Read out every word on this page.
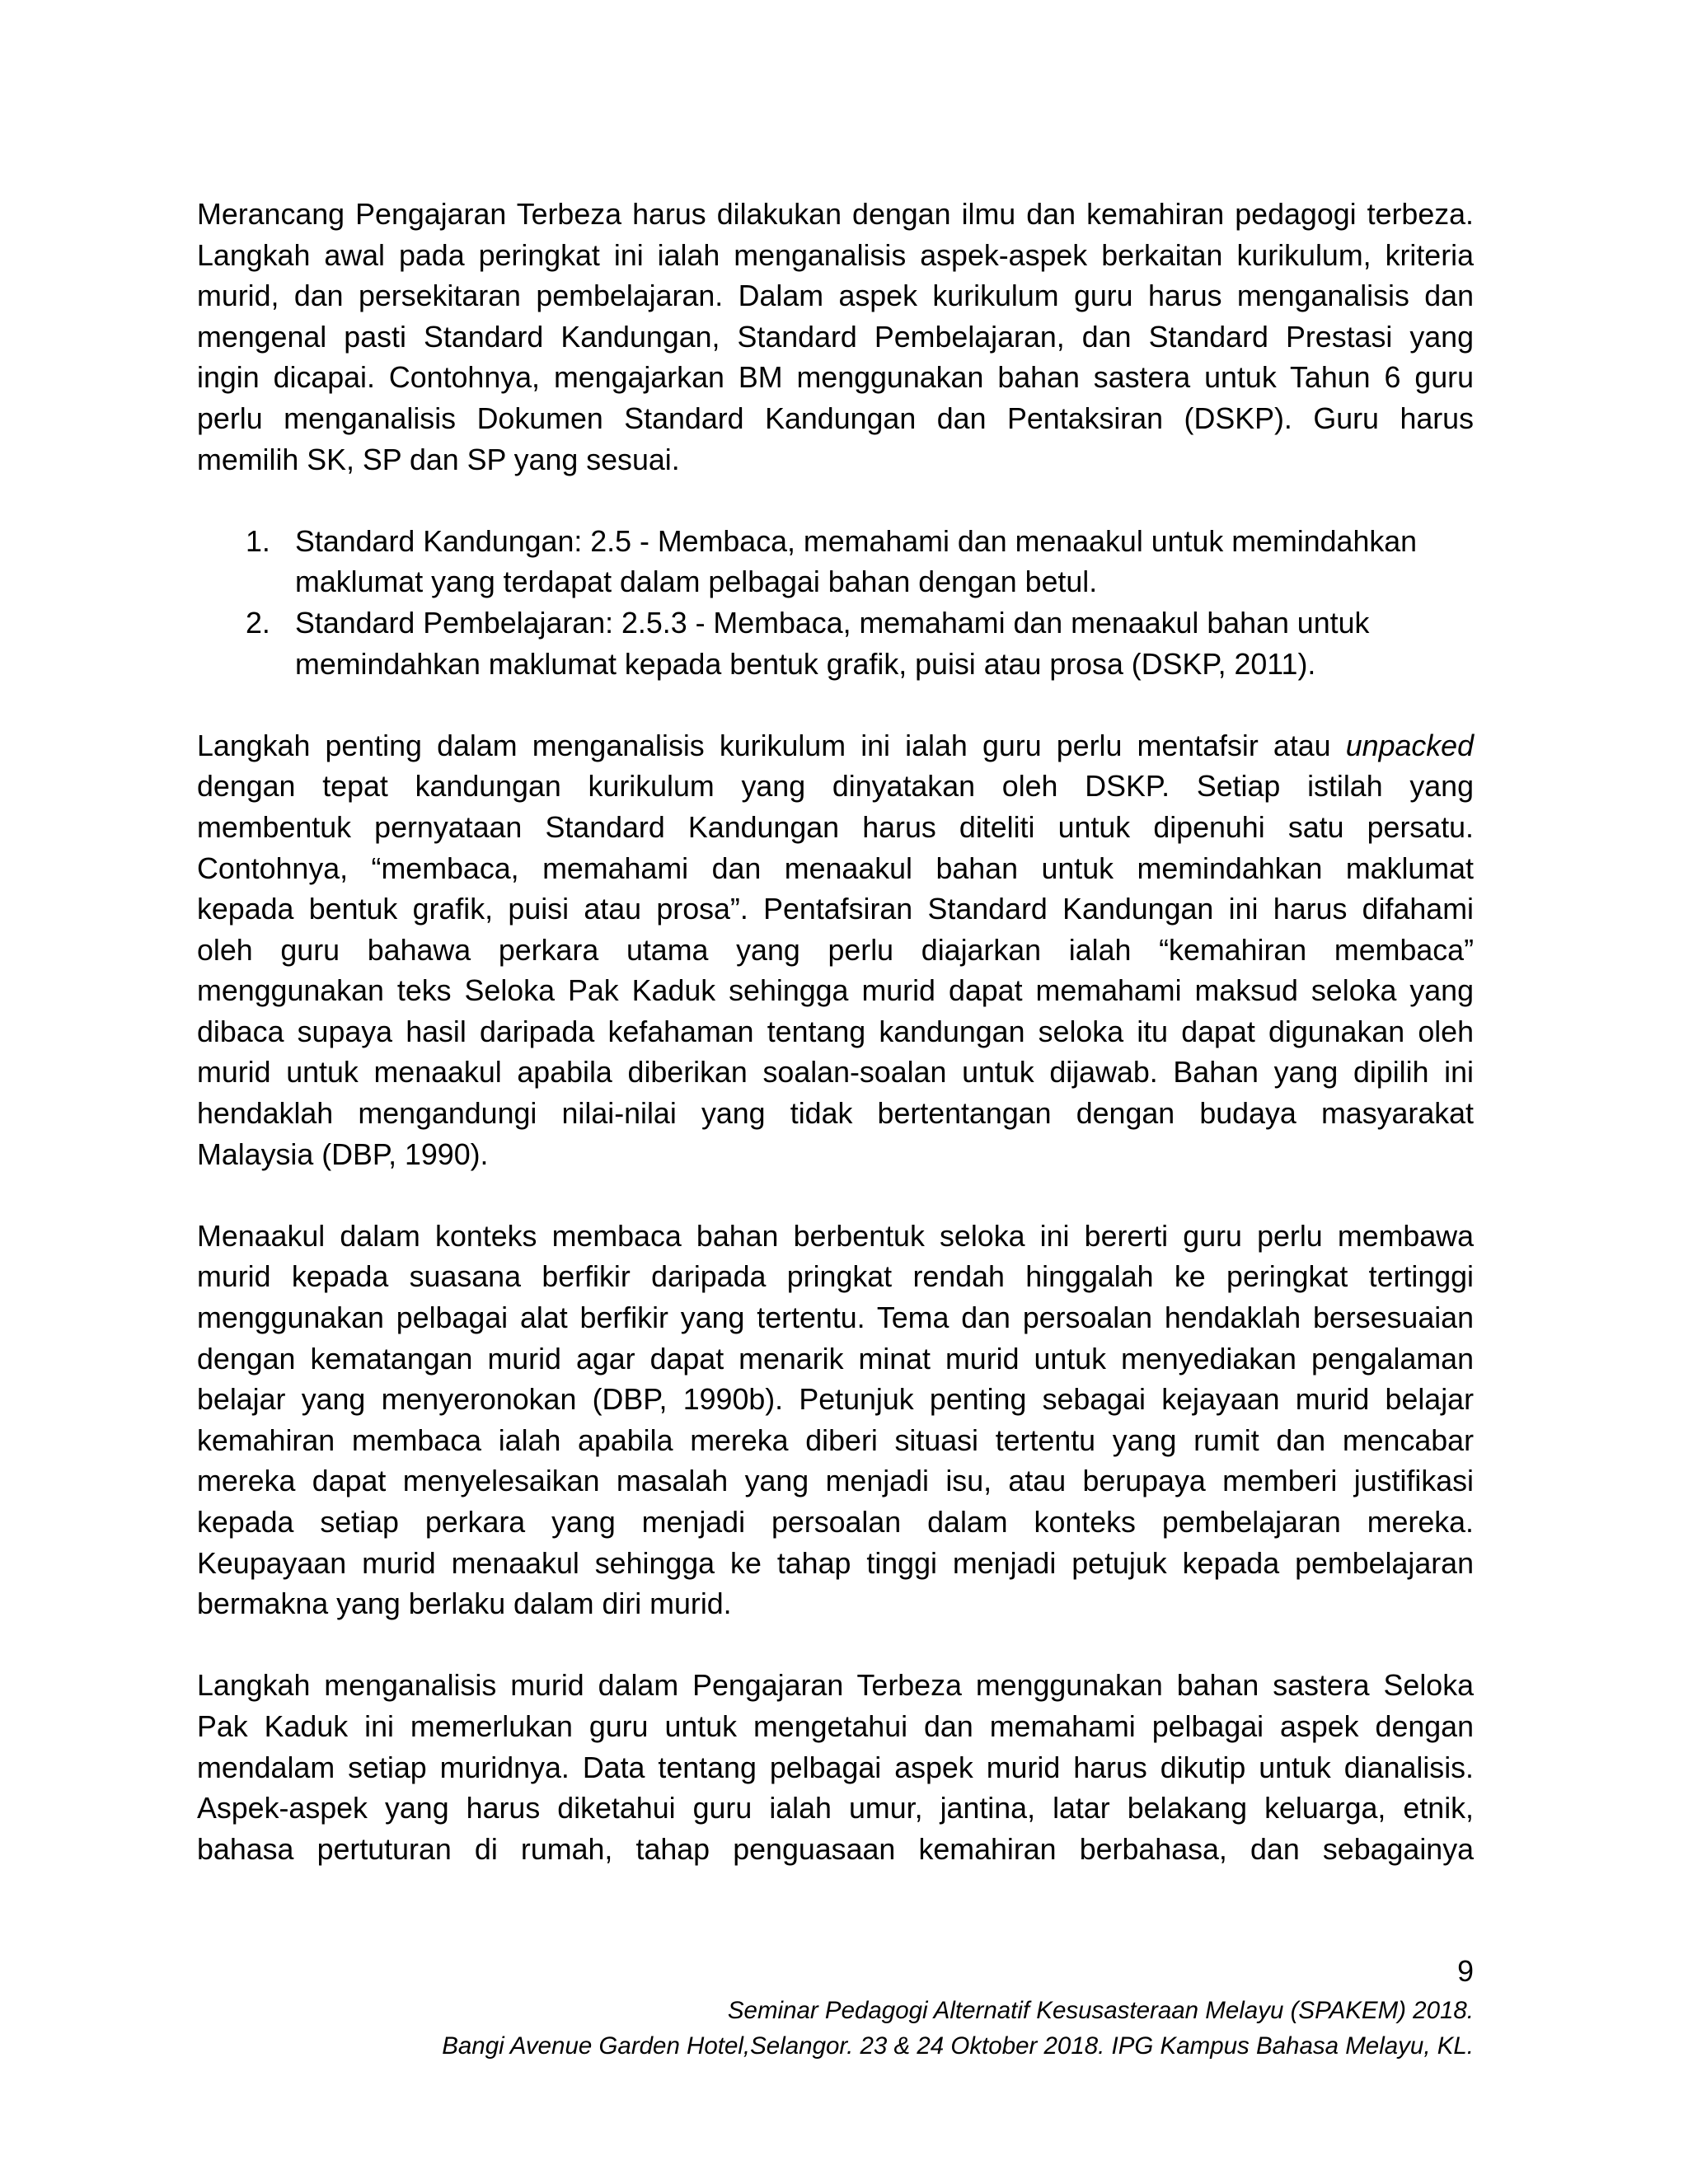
Merancang Pengajaran Terbeza harus dilakukan dengan ilmu dan kemahiran pedagogi terbeza.
Langkah awal pada peringkat ini ialah menganalisis aspek-aspek berkaitan kurikulum, kriteria
murid, dan persekitaran pembelajaran. Dalam aspek kurikulum guru harus menganalisis dan
mengenal pasti Standard Kandungan, Standard Pembelajaran, dan Standard Prestasi yang
ingin dicapai. Contohnya, mengajarkan BM menggunakan bahan sastera untuk Tahun 6 guru
perlu menganalisis Dokumen Standard Kandungan dan Pentaksiran (DSKP). Guru harus
memilih SK, SP dan SP yang sesuai.
1. Standard Kandungan: 2.5 - Membaca, memahami dan menaakul untuk memindahkan
maklumat yang terdapat dalam pelbagai bahan dengan betul.
2. Standard Pembelajaran: 2.5.3 - Membaca, memahami dan menaakul bahan untuk
memindahkan maklumat kepada bentuk grafik, puisi atau prosa (DSKP, 2011).
Langkah penting dalam menganalisis kurikulum ini ialah guru perlu mentafsir atau unpacked
dengan tepat kandungan kurikulum yang dinyatakan oleh DSKP. Setiap istilah yang
membentuk pernyataan Standard Kandungan harus diteliti untuk dipenuhi satu persatu.
Contohnya, “membaca, memahami dan menaakul bahan untuk memindahkan maklumat
kepada bentuk grafik, puisi atau prosa”. Pentafsiran Standard Kandungan ini harus difahami
oleh guru bahawa perkara utama yang perlu diajarkan ialah “kemahiran membaca”
menggunakan teks Seloka Pak Kaduk sehingga murid dapat memahami maksud seloka yang
dibaca supaya hasil daripada kefahaman tentang kandungan seloka itu dapat digunakan oleh
murid untuk menaakul apabila diberikan soalan-soalan untuk dijawab. Bahan yang dipilih ini
hendaklah mengandungi nilai-nilai yang tidak bertentangan dengan budaya masyarakat
Malaysia (DBP, 1990).
Menaakul dalam konteks membaca bahan berbentuk seloka ini bererti guru perlu membawa
murid kepada suasana berfikir daripada pringkat rendah hinggalah ke peringkat tertinggi
menggunakan pelbagai alat berfikir yang tertentu. Tema dan persoalan hendaklah bersesuaian
dengan kematangan murid agar dapat menarik minat murid untuk menyediakan pengalaman
belajar yang menyeronokan (DBP, 1990b). Petunjuk penting sebagai kejayaan murid belajar
kemahiran membaca ialah apabila mereka diberi situasi tertentu yang rumit dan mencabar
mereka dapat menyelesaikan masalah yang menjadi isu, atau berupaya memberi justifikasi
kepada setiap perkara yang menjadi persoalan dalam konteks pembelajaran mereka.
Keupayaan murid menaakul sehingga ke tahap tinggi menjadi petujuk kepada pembelajaran
bermakna yang berlaku dalam diri murid.
Langkah menganalisis murid dalam Pengajaran Terbeza menggunakan bahan sastera Seloka
Pak Kaduk ini memerlukan guru untuk mengetahui dan memahami pelbagai aspek dengan
mendalam setiap muridnya. Data tentang pelbagai aspek murid harus dikutip untuk dianalisis.
Aspek-aspek yang harus diketahui guru ialah umur, jantina, latar belakang keluarga, etnik,
bahasa pertuturan di rumah, tahap penguasaan kemahiran berbahasa, dan sebagainya
9
Seminar Pedagogi Alternatif Kesusasteraan Melayu (SPAKEM) 2018.
Bangi Avenue Garden Hotel,Selangor. 23 & 24 Oktober 2018. IPG Kampus Bahasa Melayu, KL.
